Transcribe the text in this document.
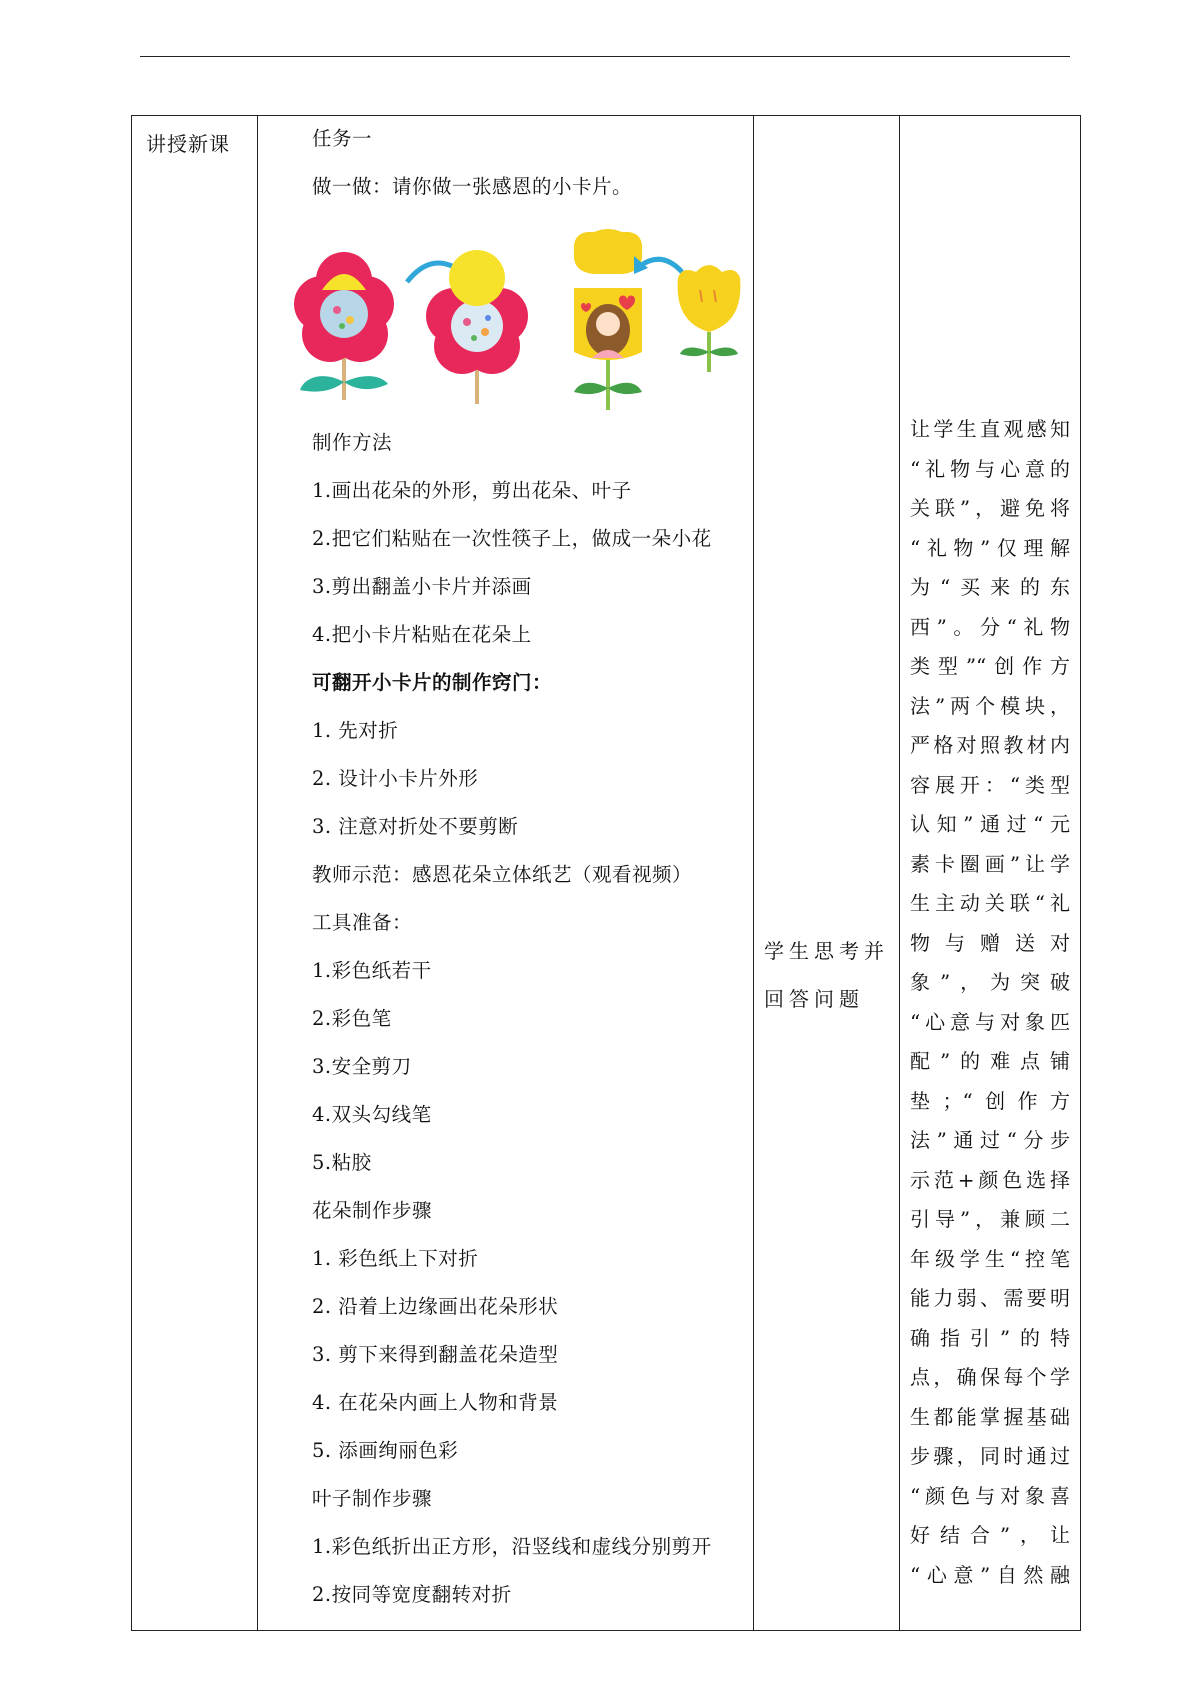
讲授新课	任务一
做一做：请你做一张感恩的小卡片。
制作方法
1.画出花朵的外形，剪出花朵、叶子
2.把它们粘贴在一次性筷子上，做成一朵小花
3.剪出翻盖小卡片并添画
4.把小卡片粘贴在花朵上
可翻开小卡片的制作窍门：
1. 先对折
2. 设计小卡片外形
3. 注意对折处不要剪断
教师示范：感恩花朵立体纸艺（观看视频）
工具准备：
1.彩色纸若干
2.彩色笔
3.安全剪刀
4.双头勾线笔
5.粘胶
花朵制作步骤
1. 彩色纸上下对折
2. 沿着上边缘画出花朵形状
3. 剪下来得到翻盖花朵造型
4. 在花朵内画上人物和背景
5. 添画绚丽色彩
叶子制作步骤
1.彩色纸折出正方形，沿竖线和虚线分别剪开
2.按同等宽度翻转对折

学生思考并
回答问题

让学生直观感知
“礼物与心意的
关联”，避免将
“礼物”仅理解
为“买来的东
西”。分“礼物
类型”“创作方
法”两个模块，
严格对照教材内
容展开：“类型
认知”通过“元
素卡圈画”让学
生主动关联“礼
物与赠送对
象”，为突破
“心意与对象匹
配”的难点铺
垫；“创作方
法”通过“分步
示范+颜色选择
引导”，兼顾二
年级学生“控笔
能力弱、需要明
确指引”的特
点，确保每个学
生都能掌握基础
步骤，同时通过
“颜色与对象喜
好结合”，让
“心意”自然融
